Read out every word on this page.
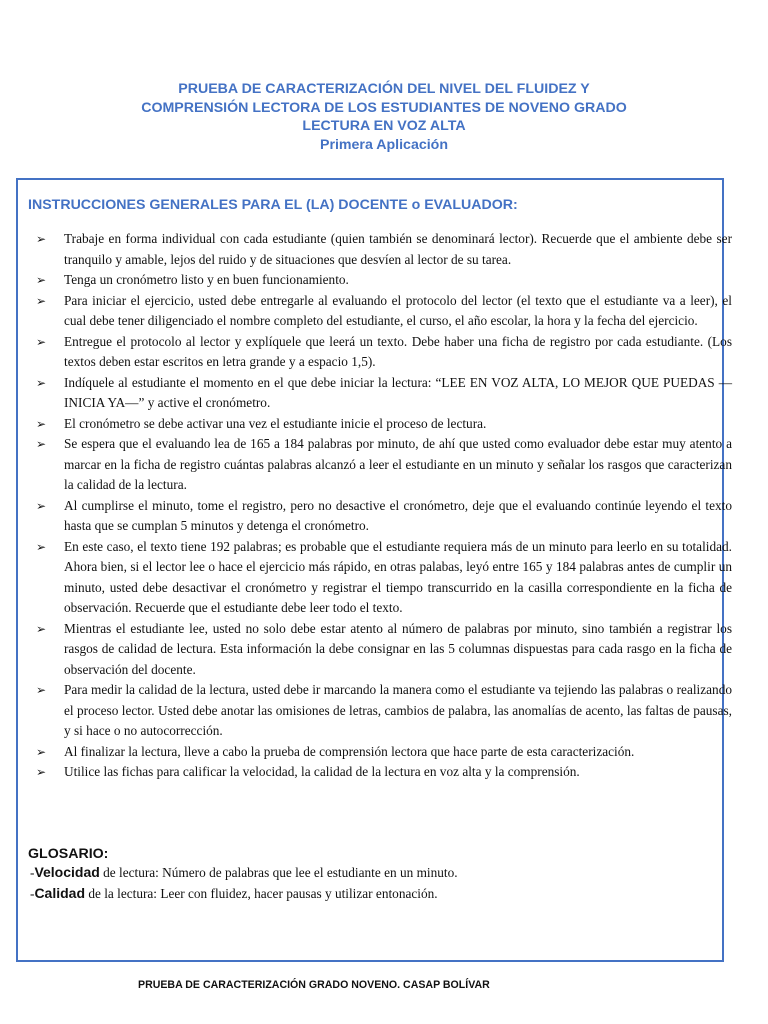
PRUEBA DE CARACTERIZACIÓN DEL NIVEL DEL FLUIDEZ Y
COMPRENSIÓN LECTORA DE LOS ESTUDIANTES DE NOVENO GRADO
LECTURA EN VOZ ALTA
Primera Aplicación
INSTRUCCIONES GENERALES PARA EL (LA) DOCENTE o EVALUADOR:
➢ Trabaje en forma individual con cada estudiante (quien también se denominará lector). Recuerde que el ambiente debe ser tranquilo y amable, lejos del ruido y de situaciones que desvíen al lector de su tarea.
➢ Tenga un cronómetro listo y en buen funcionamiento.
➢ Para iniciar el ejercicio, usted debe entregarle al evaluando el protocolo del lector (el texto que el estudiante va a leer), el cual debe tener diligenciado el nombre completo del estudiante, el curso, el año escolar, la hora y la fecha del ejercicio.
➢ Entregue el protocolo al lector y explíquele que leerá un texto. Debe haber una ficha de registro por cada estudiante. (Los textos deben estar escritos en letra grande y a espacio 1,5).
➢ Indíquele al estudiante el momento en el que debe iniciar la lectura: “LEE EN VOZ ALTA, LO MEJOR QUE PUEDAS —INICIA YA—” y active el cronómetro.
➢ El cronómetro se debe activar una vez el estudiante inicie el proceso de lectura.
➢ Se espera que el evaluando lea de 165 a 184 palabras por minuto, de ahí que usted como evaluador debe estar muy atento a marcar en la ficha de registro cuántas palabras alcanzó a leer el estudiante en un minuto y señalar los rasgos que caracterizan la calidad de la lectura.
➢ Al cumplirse el minuto, tome el registro, pero no desactive el cronómetro, deje que el evaluando continúe leyendo el texto hasta que se cumplan 5 minutos y detenga el cronómetro.
➢ En este caso, el texto tiene 192 palabras; es probable que el estudiante requiera más de un minuto para leerlo en su totalidad. Ahora bien, si el lector lee o hace el ejercicio más rápido, en otras palabas, leyó entre 165 y 184 palabras antes de cumplir un minuto, usted debe desactivar el cronómetro y registrar el tiempo transcurrido en la casilla correspondiente en la ficha de observación. Recuerde que el estudiante debe leer todo el texto.
➢ Mientras el estudiante lee, usted no solo debe estar atento al número de palabras por minuto, sino también a registrar los rasgos de calidad de lectura. Esta información la debe consignar en las 5 columnas dispuestas para cada rasgo en la ficha de observación del docente.
➢ Para medir la calidad de la lectura, usted debe ir marcando la manera como el estudiante va tejiendo las palabras o realizando el proceso lector. Usted debe anotar las omisiones de letras, cambios de palabra, las anomalías de acento, las faltas de pausas, y si hace o no autocorrección.
➢ Al finalizar la lectura, lleve a cabo la prueba de comprensión lectora que hace parte de esta caracterización.
➢ Utilice las fichas para calificar la velocidad, la calidad de la lectura en voz alta y la comprensión.
GLOSARIO:
-Velocidad de lectura: Número de palabras que lee el estudiante en un minuto.
-Calidad de la lectura: Leer con fluidez, hacer pausas y utilizar entonación.
PRUEBA DE CARACTERIZACIÓN GRADO NOVENO. CASAP BOLÍVAR
